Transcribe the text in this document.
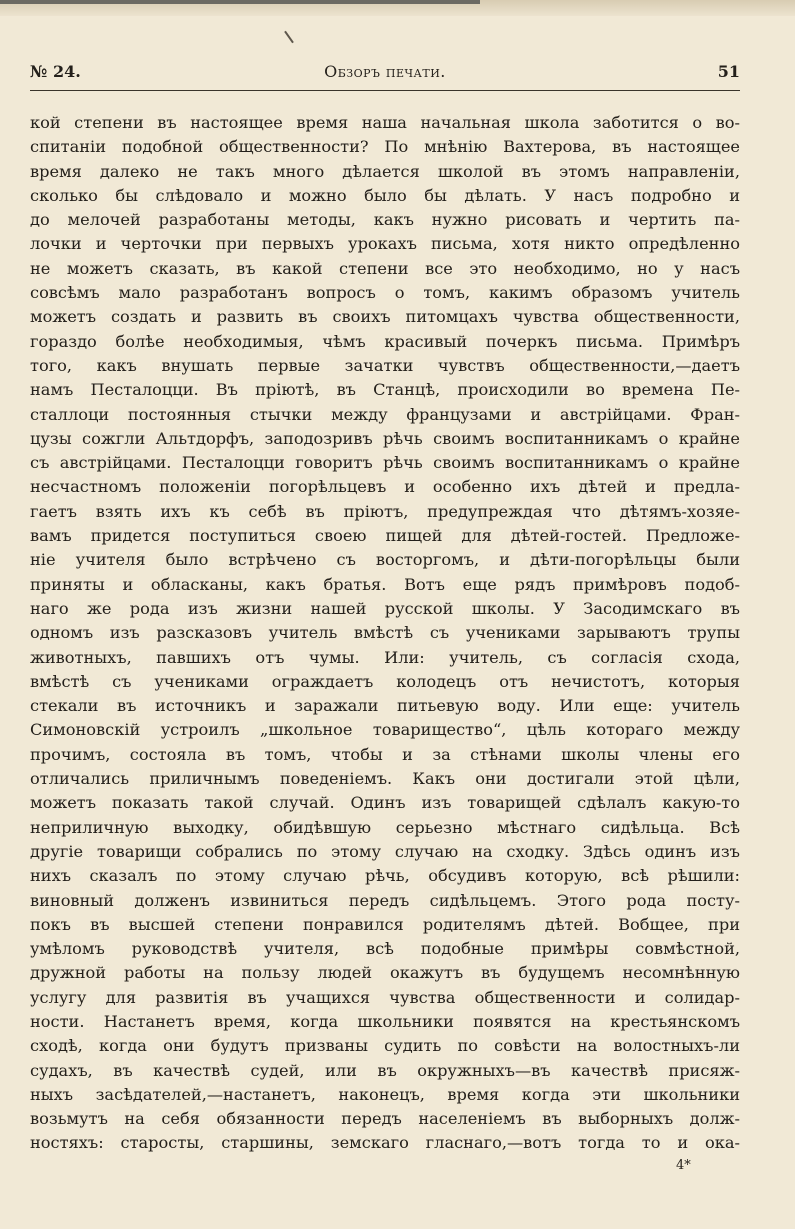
№ 24.	Обзоръ печати.	51
кой степени въ настоящее время наша начальная школа заботится о во-
спитаніи подобной общественности? По мнѣнію Вахтерова, въ настоящее
время далеко не такъ много дѣлается школой въ этомъ направленіи,
сколько бы слѣдовало и можно было бы дѣлать. У насъ подробно и
до мелочей разработаны методы, какъ нужно рисовать и чертить па-
лочки и черточки при первыхъ урокахъ письма, хотя никто опредѣленно
не можетъ сказать, въ какой степени все это необходимо, но у насъ
совсѣмъ мало разработанъ вопросъ о томъ, какимъ образомъ учитель
можетъ создать и развить въ своихъ питомцахъ чувства общественности,
гораздо болѣе необходимыя, чѣмъ красивый почеркъ письма. Примѣръ
того, какъ внушать первые зачатки чувствъ общественности,—даетъ
намъ Песталоцци. Въ пріютѣ, въ Станцѣ, происходили во времена Пе-
сталлоци постоянныя стычки между французами и австрійцами. Фран-
цузы сожгли Альтдорфъ, заподозривъ рѣчь своимъ воспитанникамъ о крайне
съ австрійцами. Песталоцци говоритъ рѣчь своимъ воспитанникамъ о крайне
несчастномъ положеніи погорѣльцевъ и особенно ихъ дѣтей и предла-
гаетъ взять ихъ къ себѣ въ пріютъ, предупреждая что дѣтямъ-хозяе-
вамъ придется поступиться своею пищей для дѣтей-гостей. Предложе-
ніе учителя было встрѣчено съ восторгомъ, и дѣти-погорѣльцы были
приняты и обласканы, какъ братья. Вотъ еще рядъ примѣровъ подоб-
наго же рода изъ жизни нашей русской школы. У Засодимскаго въ
одномъ изъ разсказовъ учитель вмѣстѣ съ учениками зарываютъ трупы
животныхъ, павшихъ отъ чумы. Или: учитель, съ согласія схода,
вмѣстѣ съ учениками ограждаетъ колодецъ отъ нечистотъ, которыя
стекали въ источникъ и заражали питьевую воду. Или еще: учитель
Симоновскій устроилъ „школьное товарищество“, цѣль котораго между
прочимъ, состояла въ томъ, чтобы и за стѣнами школы члены его
отличались приличнымъ поведеніемъ. Какъ они достигали этой цѣли,
можетъ показать такой случай. Одинъ изъ товарищей сдѣлалъ какую-то
неприличную выходку, обидѣвшую серьезно мѣстнаго сидѣльца. Всѣ
другіе товарищи собрались по этому случаю на сходку. Здѣсь одинъ изъ
нихъ сказалъ по этому случаю рѣчь, обсудивъ которую, всѣ рѣшили:
виновный долженъ извиниться передъ сидѣльцемъ. Этого рода посту-
покъ въ высшей степени понравился родителямъ дѣтей. Вобщее, при
умѣломъ руководствѣ учителя, всѣ подобные примѣры совмѣстной,
дружной работы на пользу людей окажутъ въ будущемъ несомнѣнную
услугу для развитія въ учащихся чувства общественности и солидар-
ности. Настанетъ время, когда школьники появятся на крестьянскомъ
сходѣ, когда они будутъ призваны судить по совѣсти на волостныхъ-ли
судахъ, въ качествѣ судей, или въ окружныхъ—въ качествѣ присяж-
ныхъ засѣдателей,—настанетъ, наконецъ, время когда эти школьники
возьмутъ на себя обязанности передъ населеніемъ въ выборныхъ долж-
ностяхъ: старосты, старшины, земскаго гласнаго,—вотъ тогда то и ока-
4*
